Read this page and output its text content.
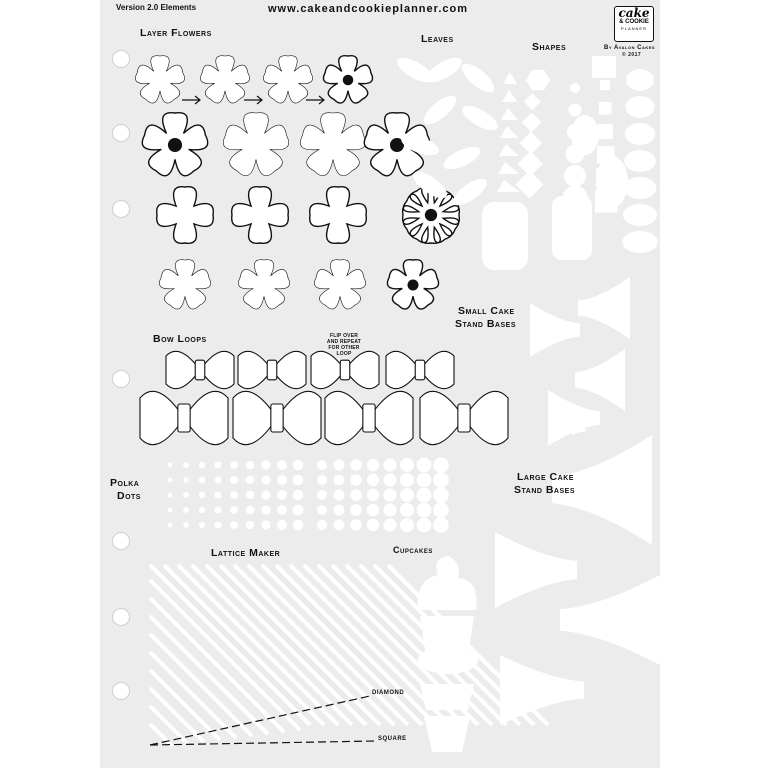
Version 2.0 Elements	www.cakeandcookieplanner.com	cake
& COOKIE
PLANNER
By Avalon Cakes
© 2017
Layer Flowers	Leaves
Shapes
Bow Loops	FLIP OVER
AND REPEAT
FOR OTHER
LOOP
Small Cake
Stand Bases
Polka
Dots
Large Cake
Stand Bases
Lattice Maker	Cupcakes
DIAMOND
SQUARE
